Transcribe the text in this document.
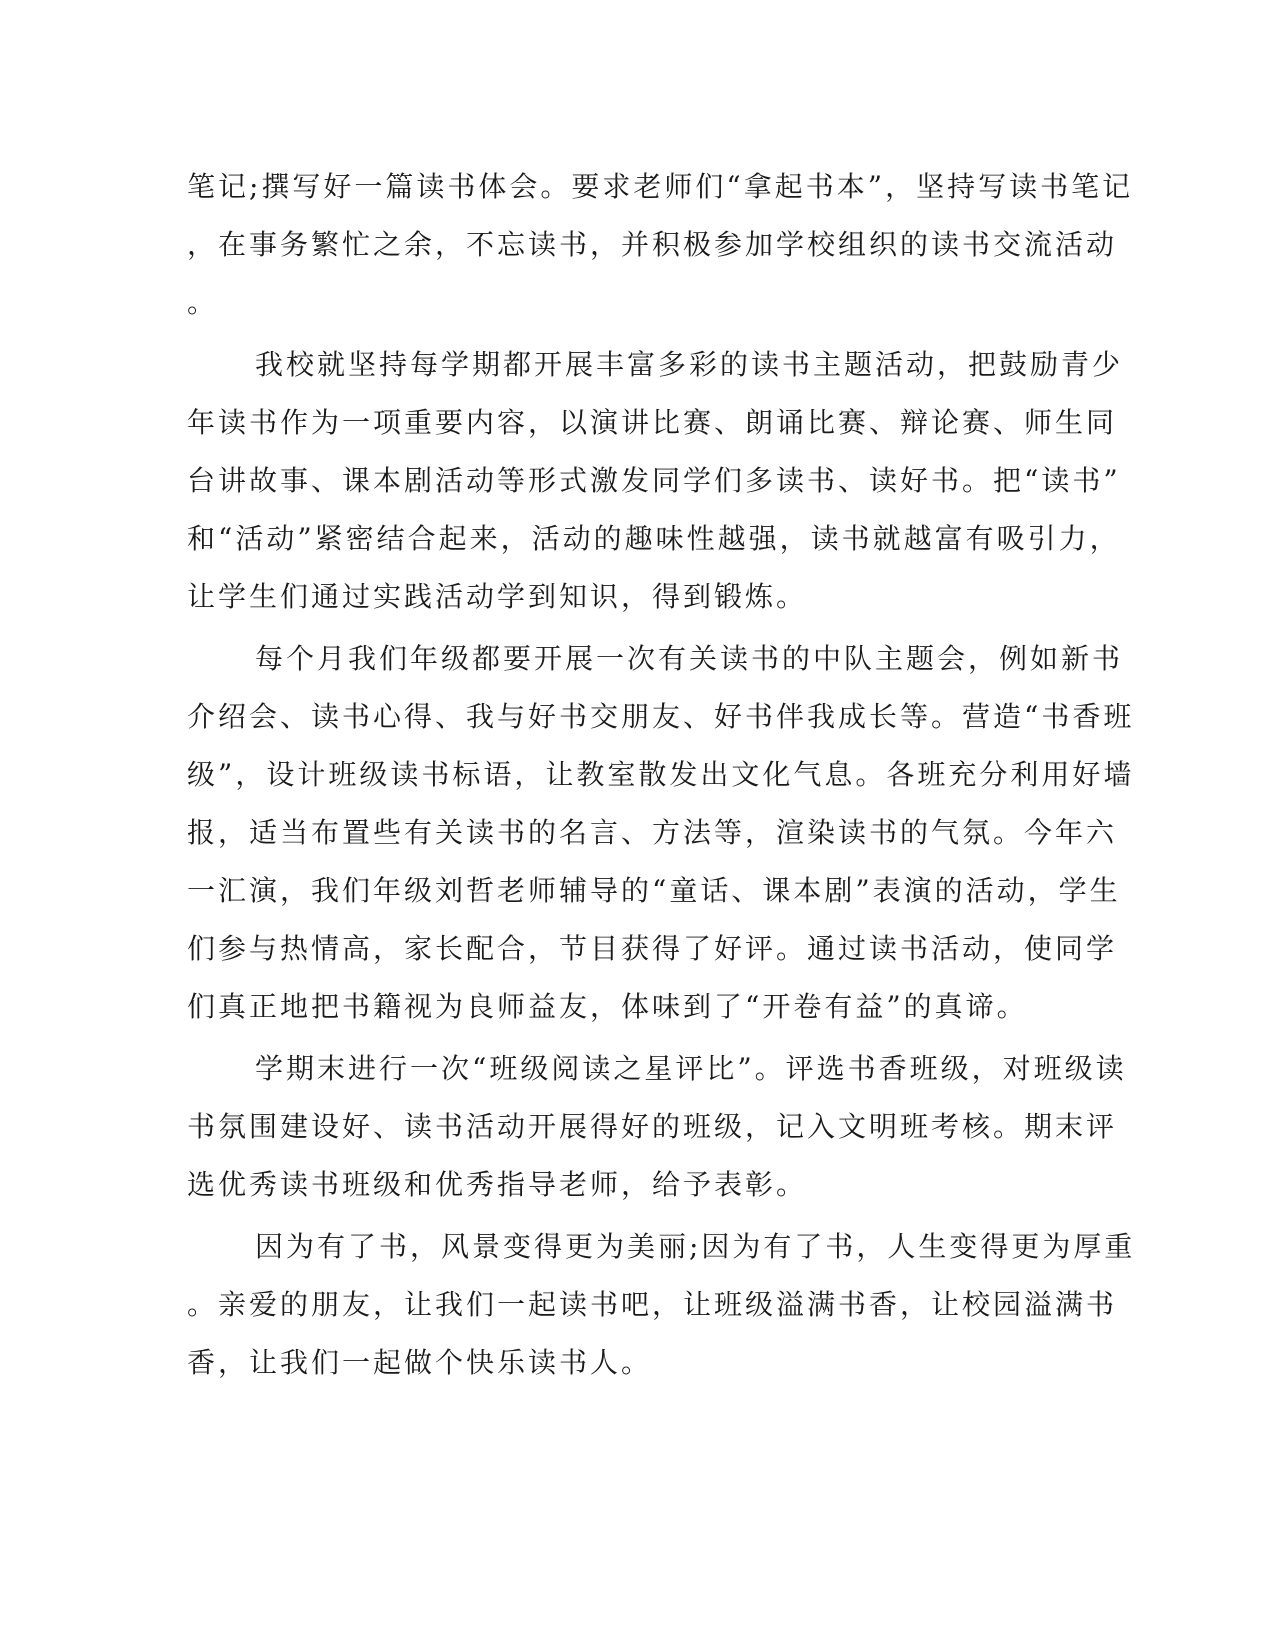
笔记;撰写好一篇读书体会。要求老师们“拿起书本”，坚持写读书笔记
，在事务繁忙之余，不忘读书，并积极参加学校组织的读书交流活动
。
我校就坚持每学期都开展丰富多彩的读书主题活动，把鼓励青少
年读书作为一项重要内容，以演讲比赛、朗诵比赛、辩论赛、师生同
台讲故事、课本剧活动等形式激发同学们多读书、读好书。把“读书”
和“活动”紧密结合起来，活动的趣味性越强，读书就越富有吸引力，
让学生们通过实践活动学到知识，得到锻炼。
每个月我们年级都要开展一次有关读书的中队主题会，例如新书
介绍会、读书心得、我与好书交朋友、好书伴我成长等。营造“书香班
级”，设计班级读书标语，让教室散发出文化气息。各班充分利用好墙
报，适当布置些有关读书的名言、方法等，渲染读书的气氛。今年六
一汇演，我们年级刘哲老师辅导的“童话、课本剧”表演的活动，学生
们参与热情高，家长配合，节目获得了好评。通过读书活动，使同学
们真正地把书籍视为良师益友，体味到了“开卷有益”的真谛。
学期末进行一次“班级阅读之星评比”。评选书香班级，对班级读
书氛围建设好、读书活动开展得好的班级，记入文明班考核。期末评
选优秀读书班级和优秀指导老师，给予表彰。
因为有了书，风景变得更为美丽;因为有了书，人生变得更为厚重
。亲爱的朋友，让我们一起读书吧，让班级溢满书香，让校园溢满书
香，让我们一起做个快乐读书人。
